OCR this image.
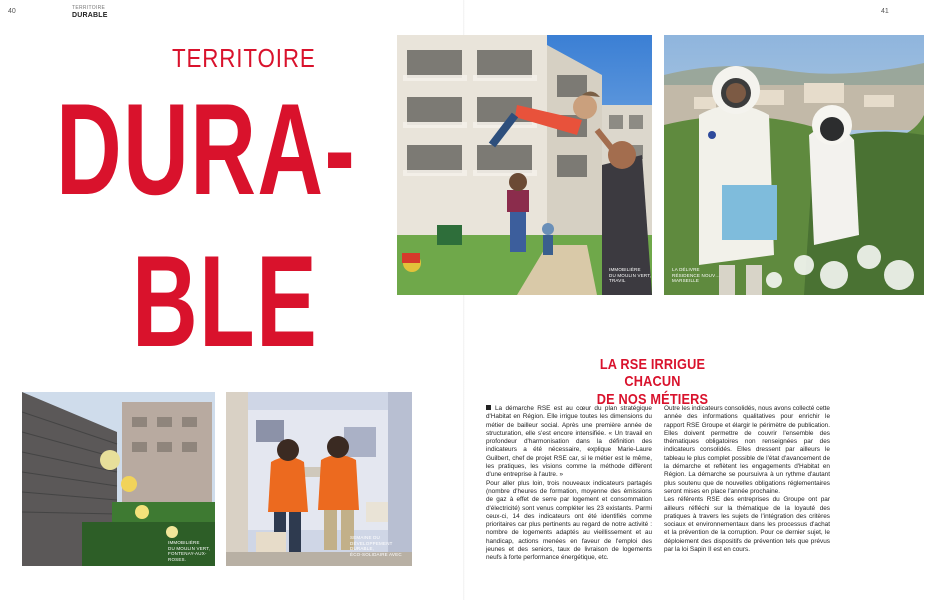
40	41
TERRITOIRE
DURABLE
TERRITOIRE
DURA-
BLE	IMMOBILIÈRE
DU MOULIN VERT,
TRAVIL
LA DÉLIVRE
RÉSIDENCE NOUV…
MARSEILLE
IMMOBILIÈRE
DU MOULIN VERT,
FONTENAY-AUX-ROSES.
SEMAINE DU
DÉVELOPPEMENT
DURABLE,
ÉCO-SOLIDAIRE AVEC
LA RSE IRRIGUE CHACUN
DE NOS MÉTIERS

La démarche RSE est au cœur du plan stratégique d'Habitat en Région. Elle irrigue toutes les dimensions du métier de bailleur social. Après une première année de structuration, elle s'est encore intensifiée. « Un travail en profondeur d'harmonisation dans la définition des indicateurs a été nécessaire, explique Marie-Laure Guilbert, chef de projet RSE car, si le métier est le même, les pratiques, les visions comme la méthode diffèrent d'une entreprise à l'autre. »

Pour aller plus loin, trois nouveaux indicateurs partagés (nombre d'heures de formation, moyenne des émissions de gaz à effet de serre par logement et consommation d'électricité) sont venus compléter les 23 existants. Parmi ceux-ci, 14 des indicateurs ont été identifiés comme prioritaires car plus pertinents au regard de notre activité : nombre de logements adaptés au vieillissement et au handicap, actions menées en faveur de l'emploi des jeunes et des seniors, taux de livraison de logements neufs à forte performance énergétique, etc.

Outre les indicateurs consolidés, nous avons collecté cette année des informations qualitatives pour enrichir le rapport RSE Groupe et élargir le périmètre de publication. Elles doivent permettre de couvrir l'ensemble des thématiques obligatoires non renseignées par des indicateurs consolidés. Elles dressent par ailleurs le tableau le plus complet possible de l'état d'avancement de la démarche et reflètent les engagements d'Habitat en Région. La démarche se poursuivra à un rythme d'autant plus soutenu que de nouvelles obligations réglementaires seront mises en place l'année prochaine.

Les référents RSE des entreprises du Groupe ont par ailleurs réfléchi sur la thématique de la loyauté des pratiques à travers les sujets de l'intégration des critères sociaux et environnementaux dans les processus d'achat et la prévention de la corruption. Pour ce dernier sujet, le déploiement des dispositifs de prévention tels que prévus par la loi Sapin II est en cours.
